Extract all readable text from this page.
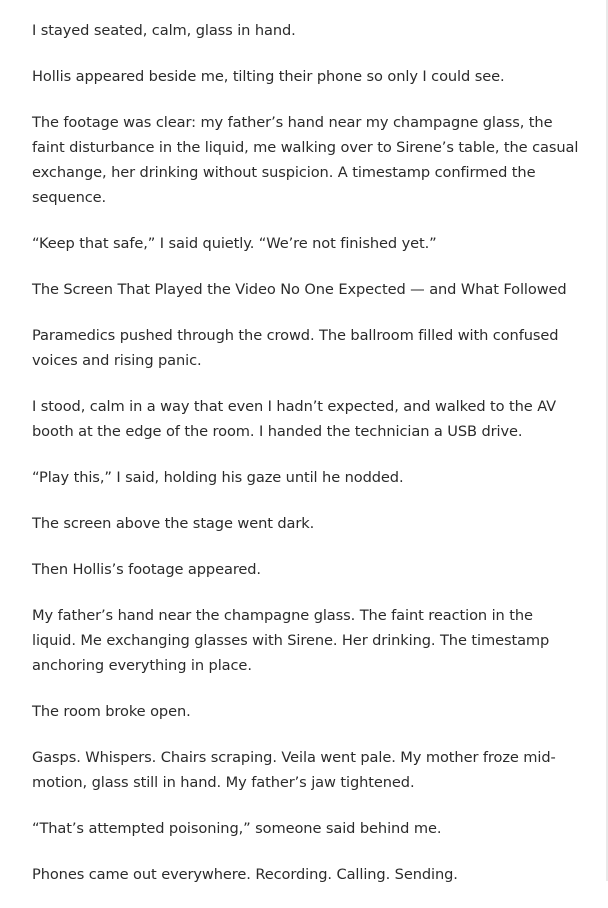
I stayed seated, calm, glass in hand.

Hollis appeared beside me, tilting their phone so only I could see.

The footage was clear: my father’s hand near my champagne glass, the faint disturbance in the liquid, me walking over to Sirene’s table, the casual exchange, her drinking without suspicion. A timestamp confirmed the sequence.

“Keep that safe,” I said quietly. “We’re not finished yet.”

The Screen That Played the Video No One Expected — and What Followed

Paramedics pushed through the crowd. The ballroom filled with confused voices and rising panic.

I stood, calm in a way that even I hadn’t expected, and walked to the AV booth at the edge of the room. I handed the technician a USB drive.

“Play this,” I said, holding his gaze until he nodded.

The screen above the stage went dark.

Then Hollis’s footage appeared.

My father’s hand near the champagne glass. The faint reaction in the liquid. Me exchanging glasses with Sirene. Her drinking. The timestamp anchoring everything in place.

The room broke open.

Gasps. Whispers. Chairs scraping. Veila went pale. My mother froze mid-motion, glass still in hand. My father’s jaw tightened.

“That’s attempted poisoning,” someone said behind me.

Phones came out everywhere. Recording. Calling. Sending.
